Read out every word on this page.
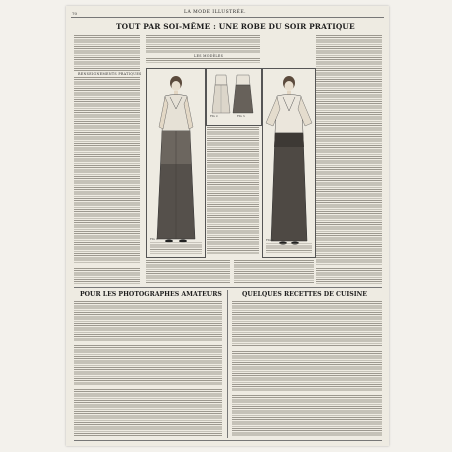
70	LA MODE ILLUSTRÉE.
TOUT PAR SOI-MÊME : UNE ROBE DU SOIR PRATIQUE
RENSEIGNEMENTS PRATIQUES
LES MODÈLES
FIG. 1.
FIG. 2.	FIG. 3.
FIG. 4.
POUR LES PHOTOGRAPHES AMATEURS	QUELQUES RECETTES DE CUISINE
